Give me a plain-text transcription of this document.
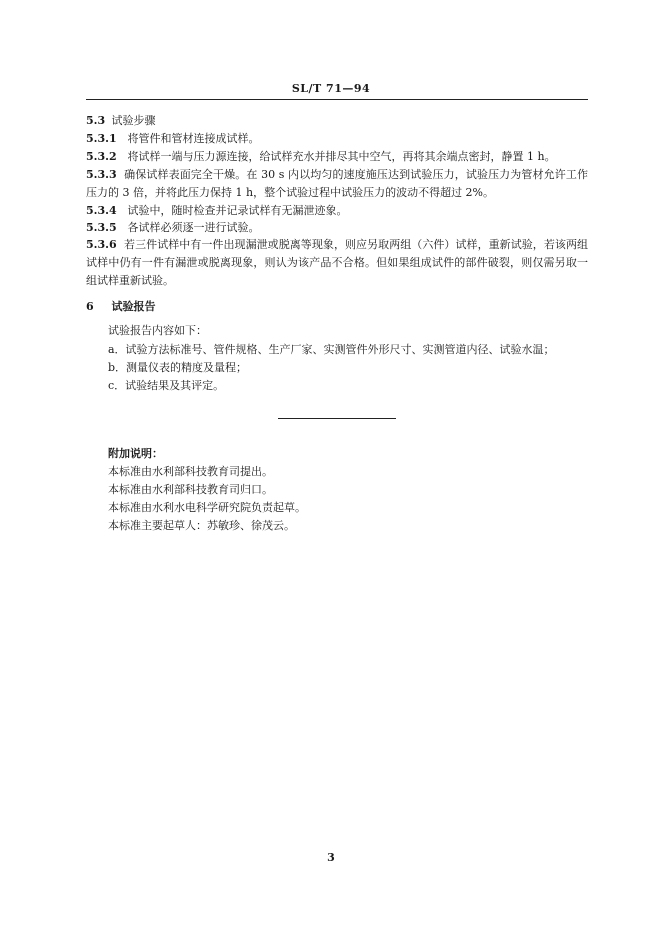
SL/T 71—94
5.3 试验步骤
5.3.1 将管件和管材连接成试样。
5.3.2 将试样一端与压力源连接，给试样充水并排尽其中空气，再将其余端点密封，静置 1 h。
5.3.3 确保试样表面完全干燥。在 30 s 内以均匀的速度施压达到试验压力，试验压力为管材允许工作压力的 3 倍，并将此压力保持 1 h，整个试验过程中试验压力的波动不得超过 2%。
5.3.4 试验中，随时检查并记录试样有无漏泄迹象。
5.3.5 各试样必须逐一进行试验。
5.3.6 若三件试样中有一件出现漏泄或脱离等现象，则应另取两组（六件）试样，重新试验，若该两组试样中仍有一件有漏泄或脱离现象，则认为该产品不合格。但如果组成试件的部件破裂，则仅需另取一组试样重新试验。
6 试验报告
试验报告内容如下：
a．试验方法标准号、管件规格、生产厂家、实测管件外形尺寸、实测管道内径、试验水温；
b．测量仪表的精度及量程；
c．试验结果及其评定。
附加说明：
本标准由水利部科技教育司提出。
本标准由水利部科技教育司归口。
本标准由水利水电科学研究院负责起草。
本标准主要起草人：苏敏珍、徐茂云。
3
